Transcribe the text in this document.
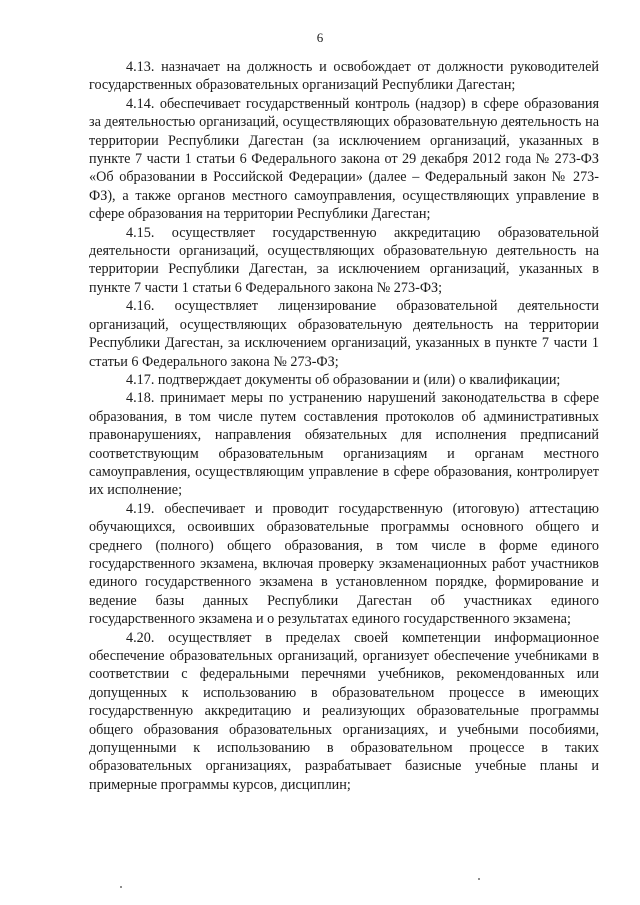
6

4.13. назначает на должность и освобождает от должности руководителей государственных образовательных организаций Республики Дагестан;

4.14. обеспечивает государственный контроль (надзор) в сфере образования за деятельностью организаций, осуществляющих образовательную деятельность на территории Республики Дагестан (за исключением организаций, указанных в пункте 7 части 1 статьи 6 Федерального закона от 29 декабря 2012 года № 273-ФЗ «Об образовании в Российской Федерации» (далее – Федеральный закон № 273-ФЗ), а также органов местного самоуправления, осуществляющих управление в сфере образования на территории Республики Дагестан;

4.15. осуществляет государственную аккредитацию образовательной деятельности организаций, осуществляющих образовательную деятельность на территории Республики Дагестан, за исключением организаций, указанных в пункте 7 части 1 статьи 6 Федерального закона № 273-ФЗ;

4.16. осуществляет лицензирование образовательной деятельности организаций, осуществляющих образовательную деятельность на территории Республики Дагестан, за исключением организаций, указанных в пункте 7 части 1 статьи 6 Федерального закона № 273-ФЗ;

4.17. подтверждает документы об образовании и (или) о квалификации;

4.18. принимает меры по устранению нарушений законодательства в сфере образования, в том числе путем составления протоколов об административных правонарушениях, направления обязательных для исполнения предписаний соответствующим образовательным организациям и органам местного самоуправления, осуществляющим управление в сфере образования, контролирует их исполнение;

4.19. обеспечивает и проводит государственную (итоговую) аттестацию обучающихся, освоивших образовательные программы основного общего и среднего (полного) общего образования, в том числе в форме единого государственного экзамена, включая проверку экзаменационных работ участников единого государственного экзамена в установленном порядке, формирование и ведение базы данных Республики Дагестан об участниках единого государственного экзамена и о результатах единого государственного экзамена;

4.20. осуществляет в пределах своей компетенции информационное обеспечение образовательных организаций, организует обеспечение учебниками в соответствии с федеральными перечнями учебников, рекомендованных или допущенных к использованию в образовательном процессе в имеющих государственную аккредитацию и реализующих образовательные программы общего образования образовательных организациях, и учебными пособиями, допущенными к использованию в образовательном процессе в таких образовательных организациях, разрабатывает базисные учебные планы и примерные программы курсов, дисциплин;
